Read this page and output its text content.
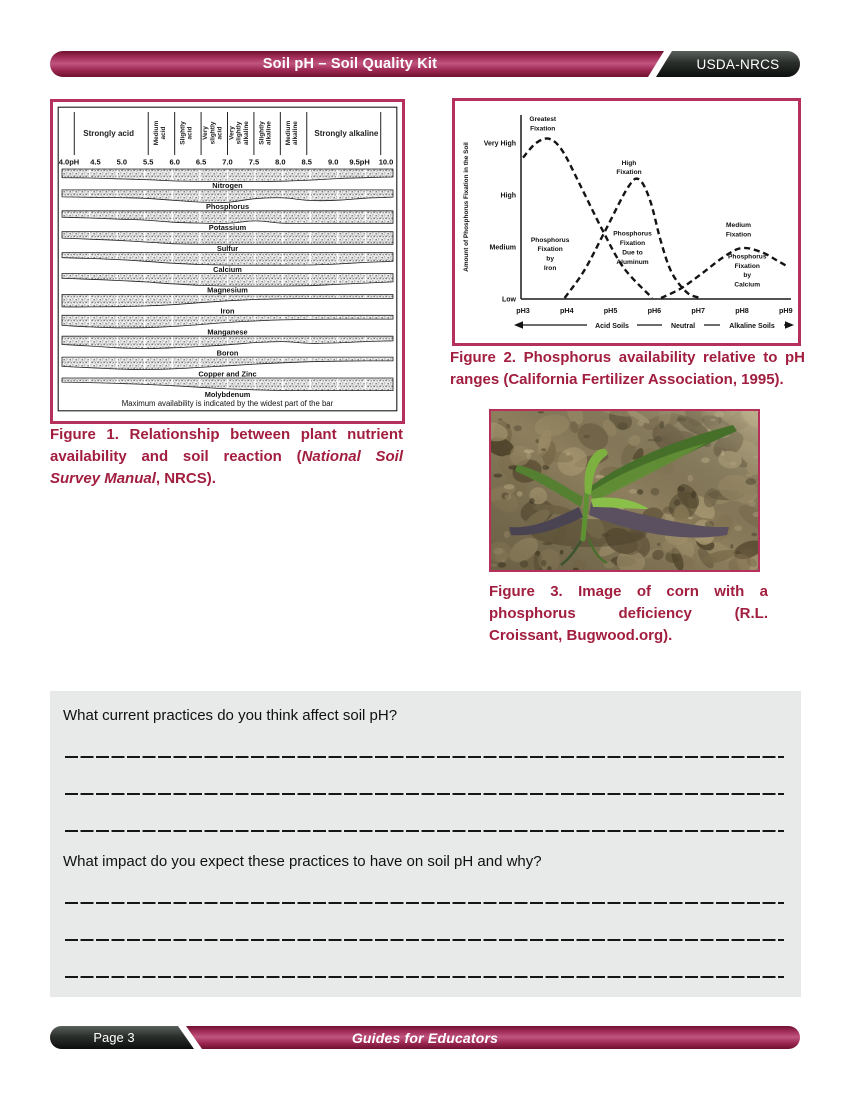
Soil pH – Soil Quality Kit	USDA-NRCS
Strongly acid	Medium acid Slightly acid Very slightly acid Very slightly alkaline Slightly alkaline Medium alkaline Strongly alkaline
4.0pH 4.5 5.0 5.5 6.0 6.5 7.0 7.5 8.0 8.5 9.0 9.5pH 10.0
Nitrogen
Phosphorus
Potassium
Sulfur
Calcium
Magnesium
Iron
Manganese
Boron
Copper and Zinc
Molybdenum
Maximum availability is indicated by the widest part of the bar
Figure 1. Relationship between plant nutrient availability and soil reaction (National Soil Survey Manual, NRCS).
Very High
High
Medium
Low
Amount of Phosphorus Fixation in the Soil
pH3	pH4	pH5	pH6	pH7	pH8	pH9
Greatest Fixation
High Fixation
Medium Fixation
Phosphorus Fixation by Iron
Phosphorus Fixation Due to Aluminum
Phosphorus Fixation by Calcium
Acid Soils	Neutral	Alkaline Soils
Figure 2. Phosphorus availability relative to pH ranges (California Fertilizer Association, 1995).
Figure 3. Image of corn with a phosphorus deficiency (R.L. Croissant, Bugwood.org).
What current practices do you think affect soil pH?
What impact do you expect these practices to have on soil pH and why?
Guides for Educators
Page 3
